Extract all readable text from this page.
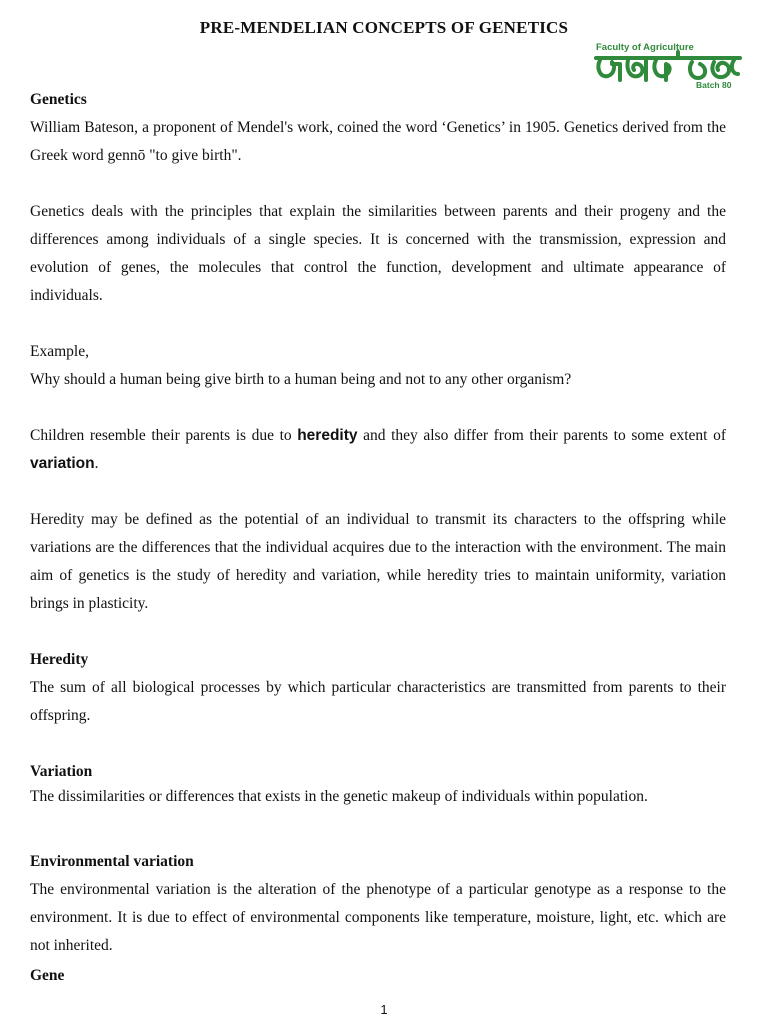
PRE-MENDELIAN CONCEPTS OF GENETICS
Faculty of Agriculture
Batch 80
Genetics

William Bateson, a proponent of Mendel's work, coined the word ‘Genetics’ in 1905. Genetics derived from the Greek word gennō "to give birth".

Genetics deals with the principles that explain the similarities between parents and their progeny and the differences among individuals of a single species. It is concerned with the transmission, expression and evolution of genes, the molecules that control the function, development and ultimate appearance of individuals.

Example,

Why should a human being give birth to a human being and not to any other organism?

Children resemble their parents is due to heredity and they also differ from their parents to some extent of variation.

Heredity may be defined as the potential of an individual to transmit its characters to the offspring while variations are the differences that the individual acquires due to the interaction with the environment. The main aim of genetics is the study of heredity and variation, while heredity tries to maintain uniformity, variation brings in plasticity.

Heredity

The sum of all biological processes by which particular characteristics are transmitted from parents to their offspring.

Variation

The dissimilarities or differences that exists in the genetic makeup of individuals within population.

Environmental variation

The environmental variation is the alteration of the phenotype of a particular genotype as a response to the environment. It is due to effect of environmental components like temperature, moisture, light, etc. which are not inherited.

Gene
1
